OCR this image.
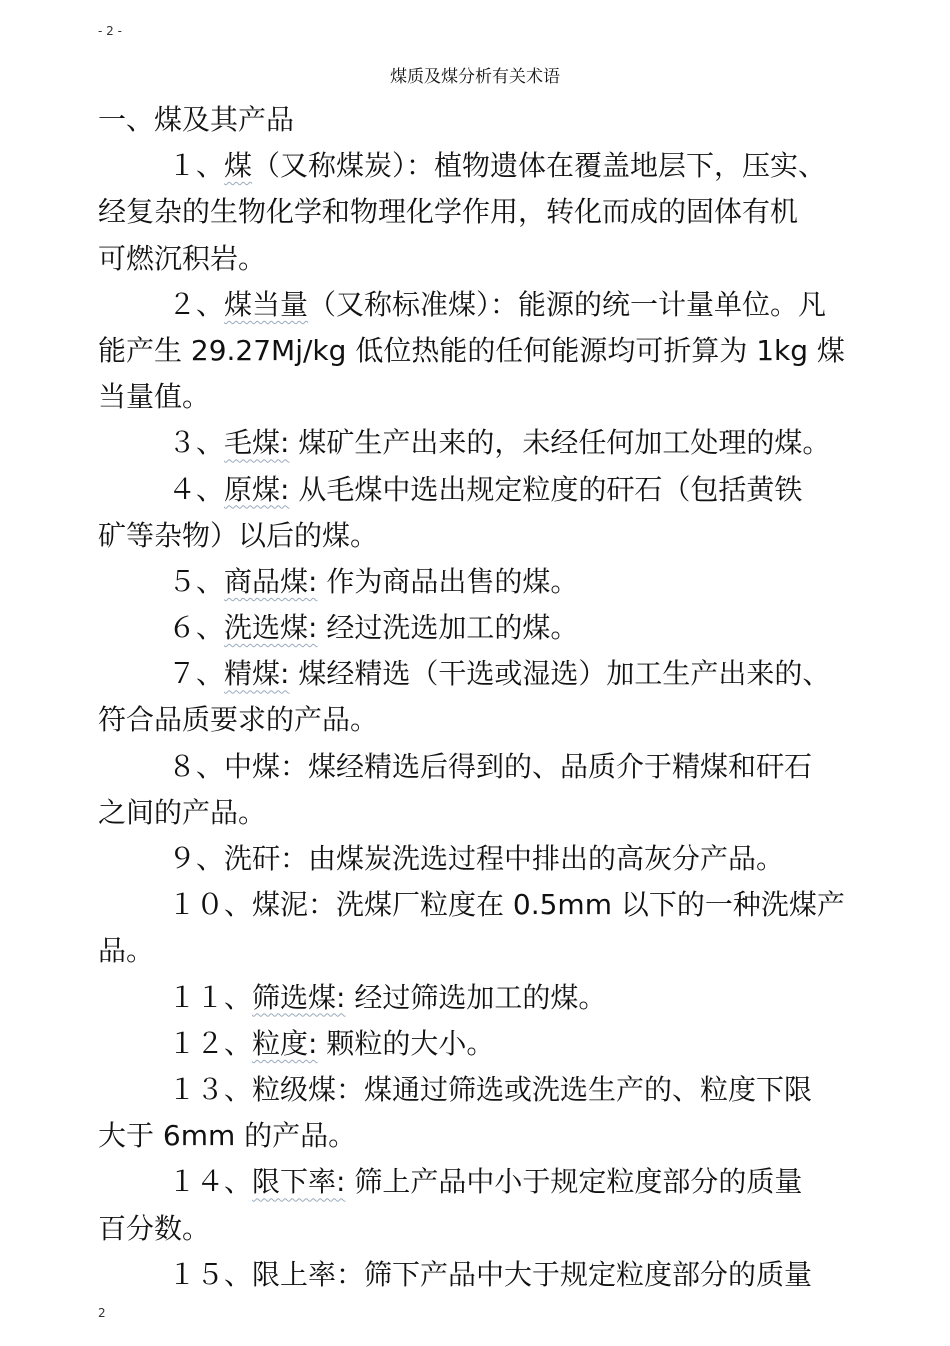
- 2 -
煤质及煤分析有关术语
一、煤及其产品
１、煤（又称煤炭）：植物遗体在覆盖地层下，压实、
经复杂的生物化学和物理化学作用，转化而成的固体有机
可燃沉积岩。
２、煤当量（又称标准煤）：能源的统一计量单位。凡
能产生 29.27Mj/kg 低位热能的任何能源均可折算为 1kg 煤
当量值。
３、毛煤: 煤矿生产出来的，未经任何加工处理的煤。
４、原煤: 从毛煤中选出规定粒度的矸石（包括黄铁
矿等杂物）以后的煤。
５、商品煤: 作为商品出售的煤。
６、洗选煤: 经过洗选加工的煤。
７、精煤: 煤经精选（干选或湿选）加工生产出来的、
符合品质要求的产品。
８、中煤：煤经精选后得到的、品质介于精煤和矸石
之间的产品。
９、洗矸：由煤炭洗选过程中排出的高灰分产品。
１０、煤泥：洗煤厂粒度在 0.5mm 以下的一种洗煤产
品。
１１、筛选煤: 经过筛选加工的煤。
１２、粒度: 颗粒的大小。
１３、粒级煤：煤通过筛选或洗选生产的、粒度下限
大于 6mm 的产品。
１４、限下率: 筛上产品中小于规定粒度部分的质量
百分数。
１５、限上率：筛下产品中大于规定粒度部分的质量
2
